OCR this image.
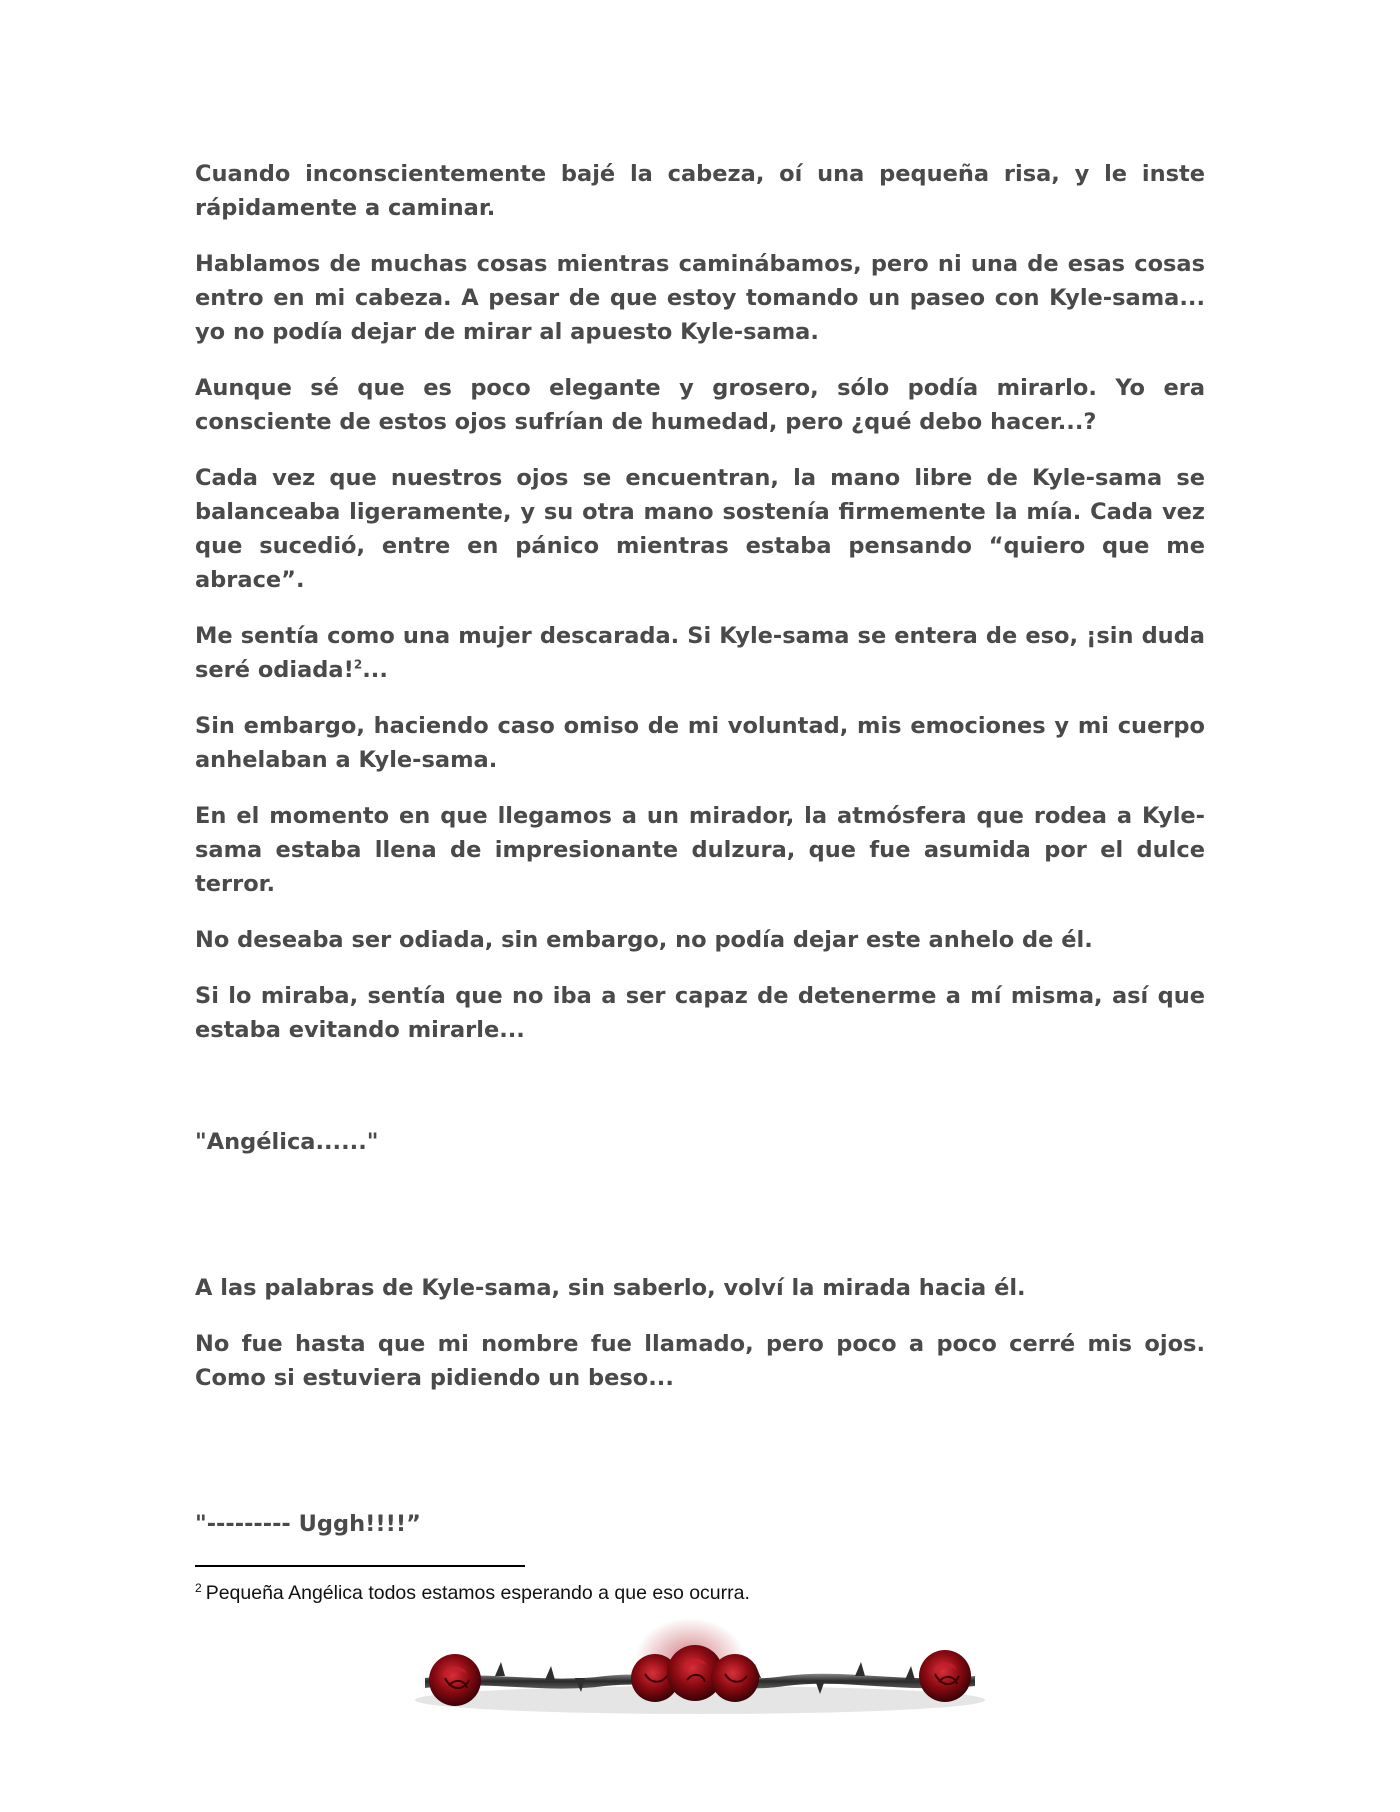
Cuando inconscientemente bajé la cabeza, oí una pequeña risa, y le inste rápidamente a caminar.

Hablamos de muchas cosas mientras caminábamos, pero ni una de esas cosas entro en mi cabeza. A pesar de que estoy tomando un paseo con Kyle-sama... yo no podía dejar de mirar al apuesto Kyle-sama.

Aunque sé que es poco elegante y grosero, sólo podía mirarlo. Yo era consciente de estos ojos sufrían de humedad, pero ¿qué debo hacer...?

Cada vez que nuestros ojos se encuentran, la mano libre de Kyle-sama se balanceaba ligeramente, y su otra mano sostenía firmemente la mía. Cada vez que sucedió, entre en pánico mientras estaba pensando “quiero que me abrace”.

Me sentía como una mujer descarada. Si Kyle-sama se entera de eso, ¡sin duda seré odiada!$^2$...

Sin embargo, haciendo caso omiso de mi voluntad, mis emociones y mi cuerpo anhelaban a Kyle-sama.

En el momento en que llegamos a un mirador, la atmósfera que rodea a Kyle-sama estaba llena de impresionante dulzura, que fue asumida por el dulce terror.

No deseaba ser odiada, sin embargo, no podía dejar este anhelo de él.

Si lo miraba, sentía que no iba a ser capaz de detenerme a mí misma, así que estaba evitando mirarle...

"Angélica......"

A las palabras de Kyle-sama, sin saberlo, volví la mirada hacia él.

No fue hasta que mi nombre fue llamado, pero poco a poco cerré mis ojos. Como si estuviera pidiendo un beso...

"--------- Uggh!!!!”

$^2$ Pequeña Angélica todos estamos esperando a que eso ocurra.
